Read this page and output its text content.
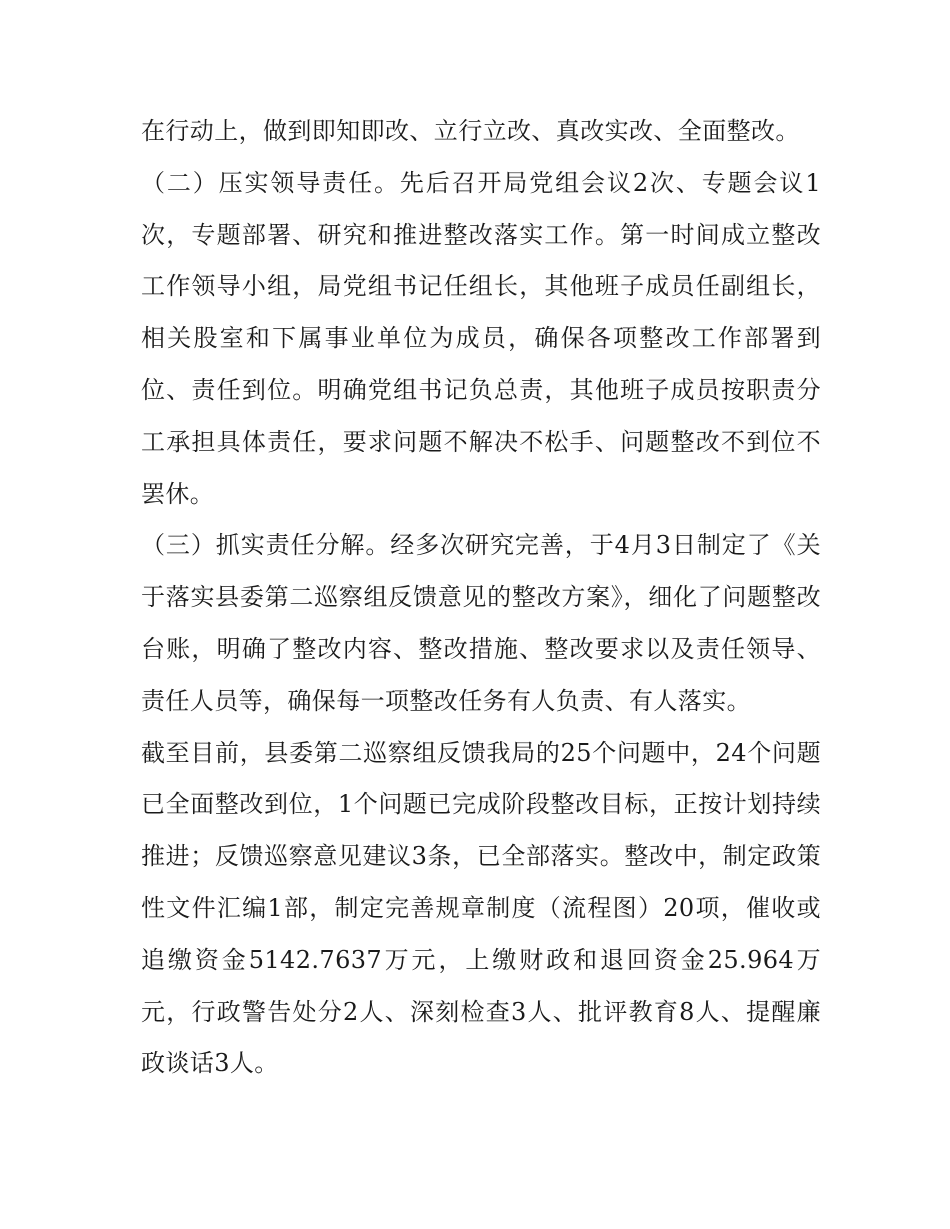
在行动上，做到即知即改、立行立改、真改实改、全面整改。

（二）压实领导责任。先后召开局党组会议2次、专题会议1次，专题部署、研究和推进整改落实工作。第一时间成立整改工作领导小组，局党组书记任组长，其他班子成员任副组长，相关股室和下属事业单位为成员，确保各项整改工作部署到位、责任到位。明确党组书记负总责，其他班子成员按职责分工承担具体责任，要求问题不解决不松手、问题整改不到位不罢休。

（三）抓实责任分解。经多次研究完善，于4月3日制定了《关于落实县委第二巡察组反馈意见的整改方案》，细化了问题整改台账，明确了整改内容、整改措施、整改要求以及责任领导、责任人员等，确保每一项整改任务有人负责、有人落实。

截至目前，县委第二巡察组反馈我局的25个问题中，24个问题已全面整改到位，1个问题已完成阶段整改目标，正按计划持续推进；反馈巡察意见建议3条，已全部落实。整改中，制定政策性文件汇编1部，制定完善规章制度（流程图）20项，催收或追缴资金5142.7637万元，上缴财政和退回资金25.964万元，行政警告处分2人、深刻检查3人、批评教育8人、提醒廉政谈话3人。
